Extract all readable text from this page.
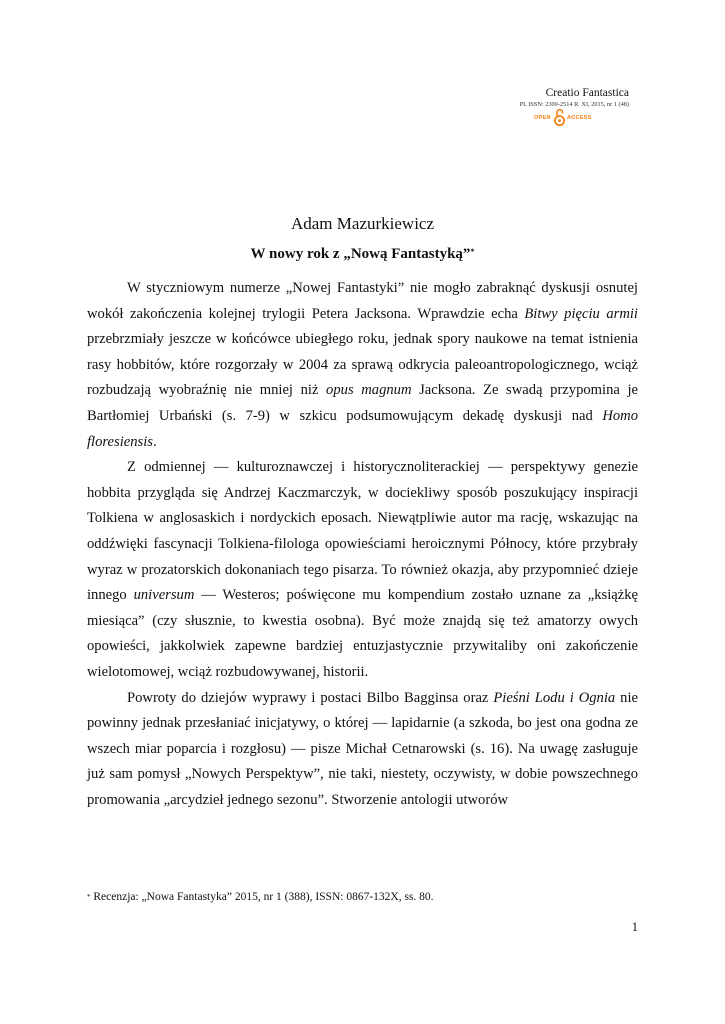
Creatio Fantastica
PL ISSN: 2300-2514 R. XI, 2015, nr 1 (48)
OPEN	ACCESS
Adam Mazurkiewicz
W nowy rok z „Nową Fantastyką”*

W styczniowym numerze „Nowej Fantastyki” nie mogło zabraknąć dyskusji osnutej wokół zakończenia kolejnej trylogii Petera Jacksona. Wprawdzie echa Bitwy pięciu armii przebrzmiały jeszcze w końcówce ubiegłego roku, jednak spory naukowe na temat istnienia rasy hobbitów, które rozgorzały w 2004 za sprawą odkrycia paleoantropologicznego, wciąż rozbudzają wyobraźnię nie mniej niż opus magnum Jacksona. Ze swadą przypomina je Bartłomiej Urbański (s. 7-9) w szkicu podsumowującym dekadę dyskusji nad Homo floresiensis.

Z odmiennej — kulturoznawczej i historycznoliterackiej — perspektywy genezie hobbita przygląda się Andrzej Kaczmarczyk, w dociekliwy sposób poszukujący inspiracji Tolkiena w anglosaskich i nordyckich eposach. Niewątpliwie autor ma rację, wskazując na oddźwięki fascynacji Tolkiena-filologa opowieściami heroicznymi Północy, które przybrały wyraz w prozatorskich dokonaniach tego pisarza. To również okazja, aby przypomnieć dzieje innego universum — Westeros; poświęcone mu kompendium zostało uznane za „książkę miesiąca” (czy słusznie, to kwestia osobna). Być może znajdą się też amatorzy owych opowieści, jakkolwiek zapewne bardziej entuzjastycznie przywitaliby oni zakończenie wielotomowej, wciąż rozbudowywanej, historii.

Powroty do dziejów wyprawy i postaci Bilbo Bagginsa oraz Pieśni Lodu i Ognia nie powinny jednak przesłaniać inicjatywy, o której — lapidarnie (a szkoda, bo jest ona godna ze wszech miar poparcia i rozgłosu) — pisze Michał Cetnarowski (s. 16). Na uwagę zasługuje już sam pomysł „Nowych Perspektyw”, nie taki, niestety, oczywisty, w dobie powszechnego promowania „arcydzieł jednego sezonu”. Stworzenie antologii utworów

* Recenzja: „Nowa Fantastyka” 2015, nr 1 (388), ISSN: 0867-132X, ss. 80.
1
